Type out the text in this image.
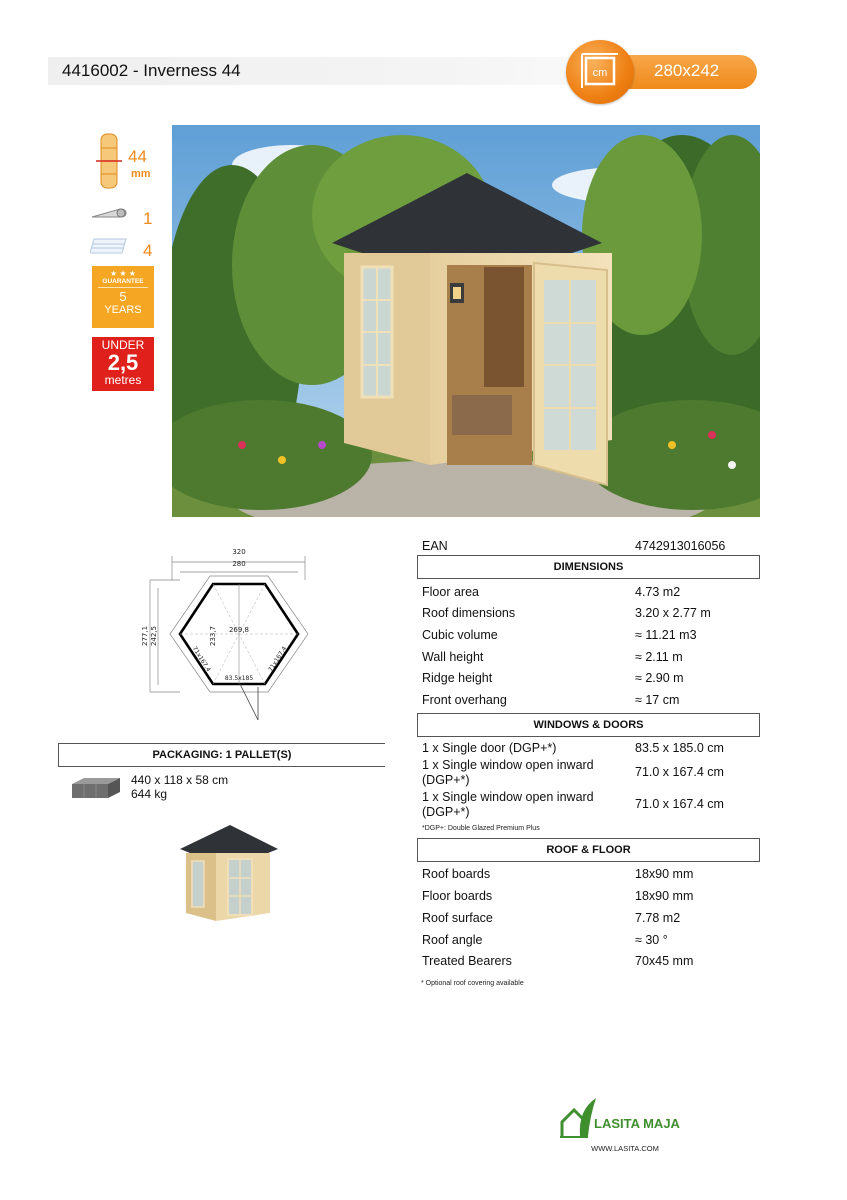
4416002 - Inverness 44	280x242
cm
44
mm
1
4
★ ★ ★
GUARANTEE
5
YEARS
UNDER
2,5
metres
320
280
277,1 242,5	233,7 269,8
71x167,4	71x167,4
83.5x185
PACKAGING: 1 PALLET(S)
440 x 118 x 58 cm
644 kg
EAN	4742913016056
DIMENSIONS
Floor area	4.73 m2
Roof dimensions	3.20 x 2.77 m
Cubic volume	≈ 11.21 m3
Wall height	≈ 2.11 m
Ridge height	≈ 2.90 m
Front overhang	≈ 17 cm
WINDOWS & DOORS
1 x Single door (DGP+*)	83.5 x 185.0 cm
1 x Single window open inward (DGP+*)
71.0 x 167.4 cm
1 x Single window open inward (DGP+*)
71.0 x 167.4 cm
*DGP+: Double Glazed Premium Plus
ROOF & FLOOR
Roof boards	18x90 mm
Floor boards	18x90 mm
Roof surface	7.78 m2
Roof angle	≈ 30 °
Treated Bearers	70x45 mm
* Optional roof covering available
LASITA MAJA
WWW.LASITA.COM
